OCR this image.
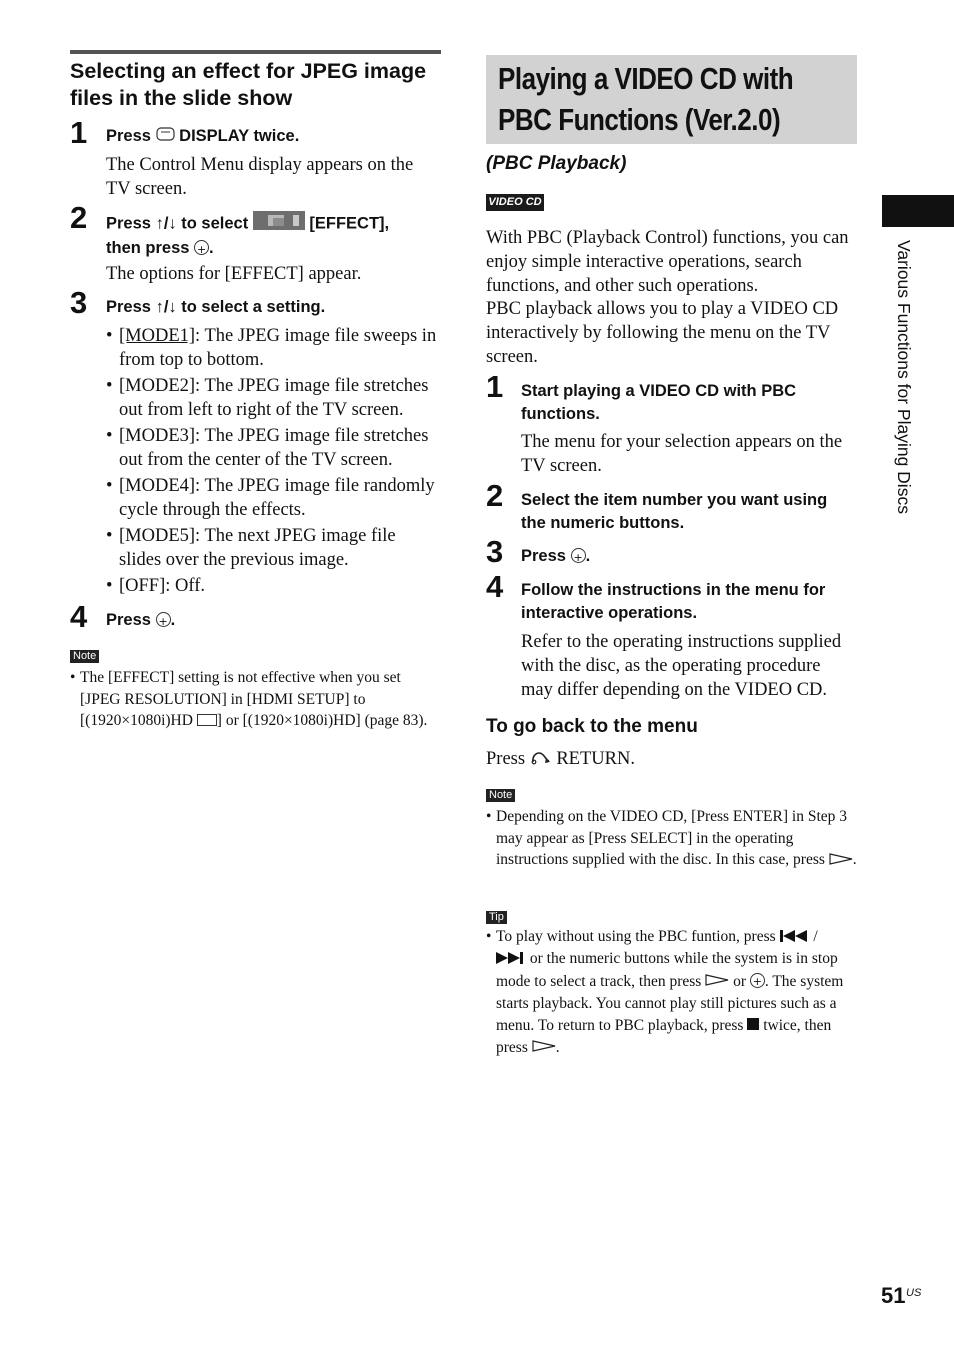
Selecting an effect for JPEG image files in the slide show
1 Press DISPLAY twice.
The Control Menu display appears on the TV screen.
2 Press ↑/↓ to select	[EFFECT],
then press + .
The options for [EFFECT] appear.
3 Press ↑/↓ to select a setting.
• [MODE1]: The JPEG image file sweeps in from top to bottom.
• [MODE2]: The JPEG image file stretches out from left to right of the TV screen.
• [MODE3]: The JPEG image file stretches out from the center of the TV screen.
• [MODE4]: The JPEG image file randomly cycle through the effects.
• [MODE5]: The next JPEG image file slides over the previous image.
• [OFF]: Off.
4 Press + .
Note
• The [EFFECT] setting is not effective when you set [JPEG RESOLUTION] in [HDMI SETUP] to [(1920×1080i)HD ] or [(1920×1080i)HD] (page 83).
Playing a VIDEO CD with
PBC Functions (Ver.2.0)
(PBC Playback)
VIDEO CD
With PBC (Playback Control) functions, you can enjoy simple interactive operations, search functions, and other such operations.
PBC playback allows you to play a VIDEO CD interactively by following the menu on the TV screen.
1 Start playing a VIDEO CD with PBC functions.
The menu for your selection appears on the TV screen.
2 Select the item number you want using the numeric buttons.
3 Press + .
4 Follow the instructions in the menu for interactive operations.
Refer to the operating instructions supplied with the disc, as the operating procedure may differ depending on the VIDEO CD.
To go back to the menu
Press RETURN.
Note
• Depending on the VIDEO CD, [Press ENTER] in Step 3 may appear as [Press SELECT] in the operating instructions supplied with the disc. In this case, press .
Tip
• To play without using the PBC funtion, press /
or the numeric buttons while the system is in stop mode to select a track, then press or + . The system starts playback. You cannot play still pictures such as a menu. To return to PBC playback, press twice, then press .
Various Functions for Playing Discs
51 US
